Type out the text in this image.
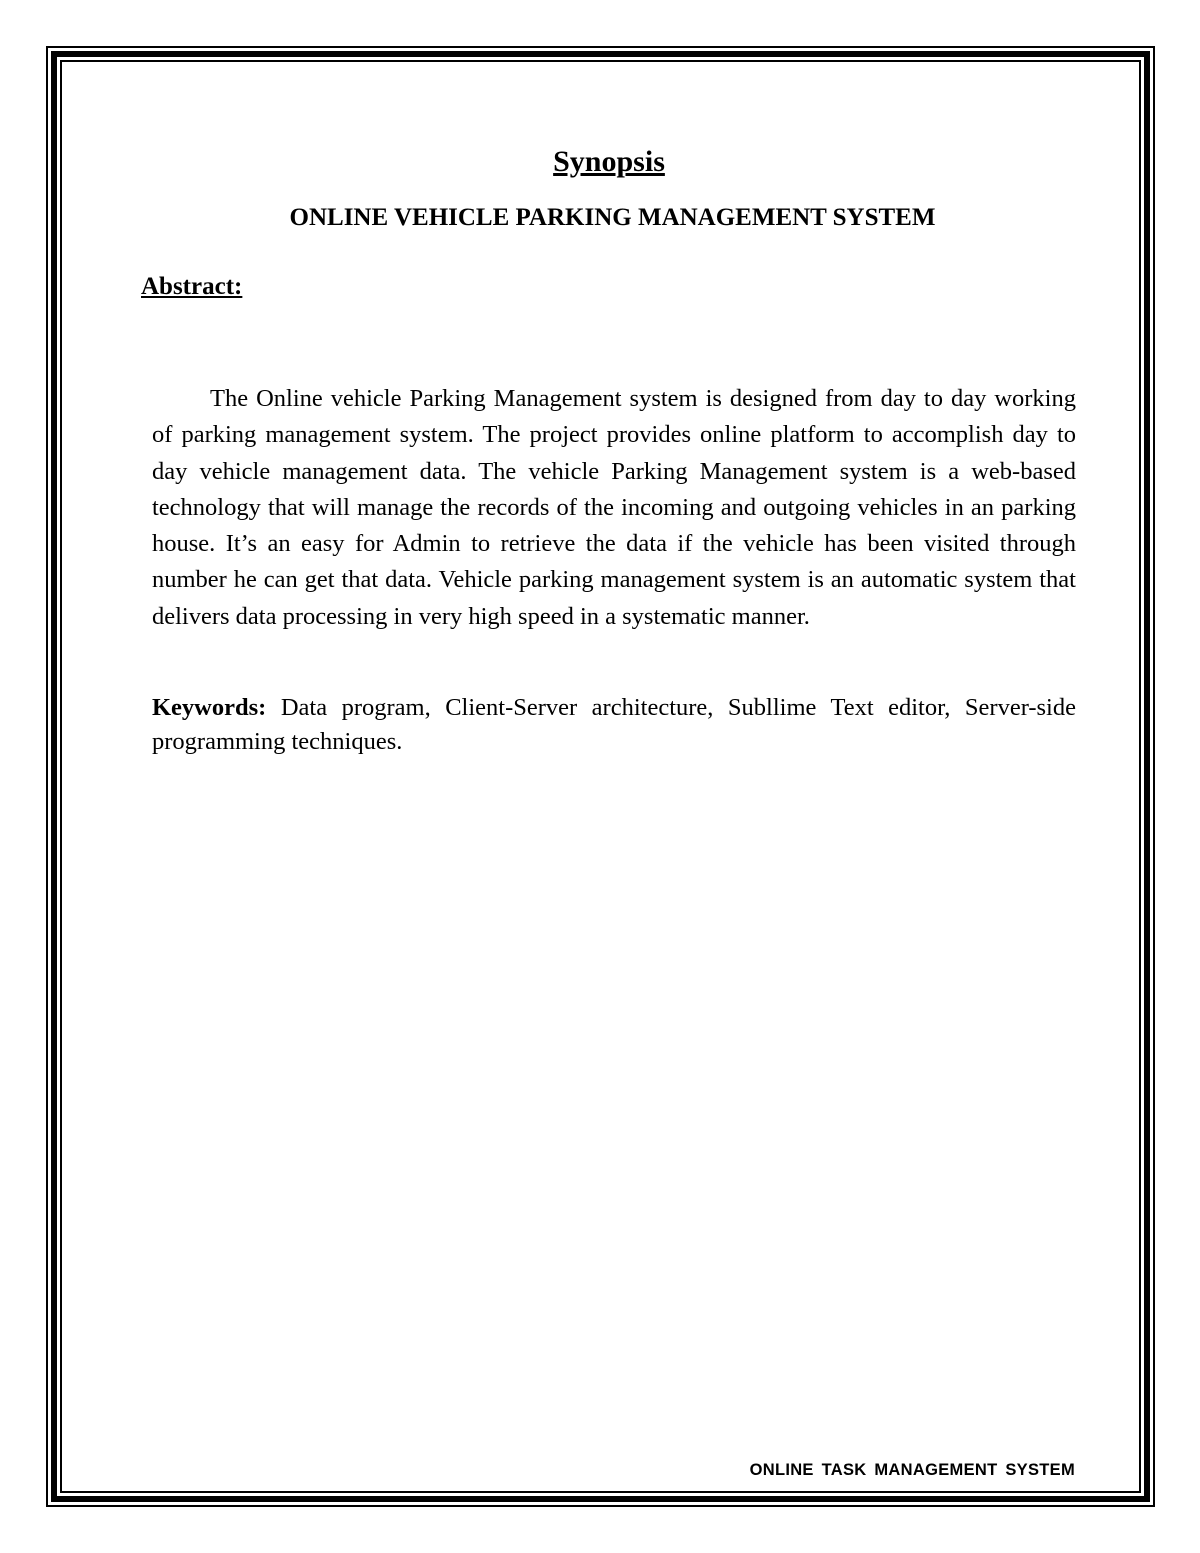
Synopsis
ONLINE VEHICLE PARKING MANAGEMENT SYSTEM
Abstract:

The Online vehicle Parking Management system is designed from day to day working of parking management system. The project provides online platform to accomplish day to day vehicle management data. The vehicle Parking Management system is a web-based technology that will manage the records of the incoming and outgoing vehicles in an parking house. It’s an easy for Admin to retrieve the data if the vehicle has been visited through number he can get that data. Vehicle parking management system is an automatic system that delivers data processing in very high speed in a systematic manner.

Keywords: Data program, Client-Server architecture, Subllime Text editor, Server-side programming techniques.

ONLINE TASK MANAGEMENT SYSTEM
